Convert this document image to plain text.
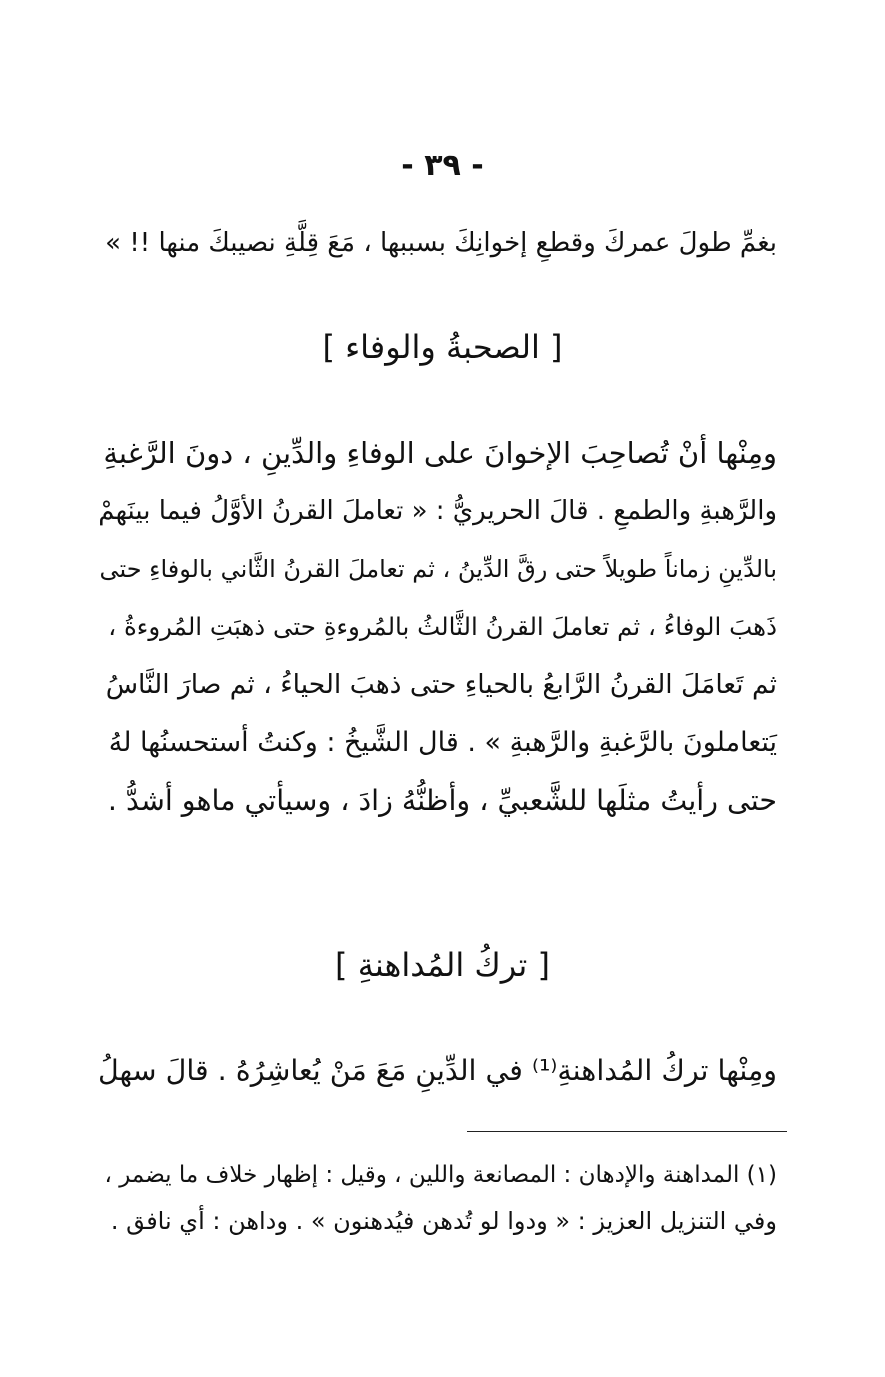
- ٣٩ -
بغمِّ طولَ عمركَ وقطعِ إخوانِكَ بسببها ، مَعَ قِلَّةِ نصيبكَ منها !! »
[ الصحبةُ والوفاء ]
ومِنْها أنْ تُصاحِبَ الإخوانَ على الوفاءِ والدِّينِ ، دونَ الرَّغبةِ
والرَّهبةِ والطمعِ . قالَ الحريريُّ : « تعاملَ القرنُ الأوَّلُ فيما بينَهمْ
بالدِّينِ زماناً طويلاً حتى رقَّ الدِّينُ ، ثم تعاملَ القرنُ الثَّاني بالوفاءِ حتى
ذَهبَ الوفاءُ ، ثم تعاملَ القرنُ الثَّالثُ بالمُروءةِ حتى ذهبَتِ المُروءةُ ،
ثم تَعامَلَ القرنُ الرَّابعُ بالحياءِ حتى ذهبَ الحياءُ ، ثم صارَ النَّاسُ
يَتعاملونَ بالرَّغبةِ والرَّهبةِ » . قال الشَّيخُ : وكنتُ أستحسنُها لهُ
حتى رأيتُ مثلَها للشَّعبيِّ ، وأظنُّهُ زادَ ، وسيأتي ماهو أشدُّ .
[ تركُ المُداهنةِ ]
ومِنْها تركُ المُداهنةِ⁽¹⁾ في الدِّينِ مَعَ مَنْ يُعاشِرُهُ . قالَ سهلُ
(١) المداهنة والإدهان : المصانعة واللين ، وقيل : إظهار خلاف ما يضمر ،
وفي التنزيل العزيز : « ودوا لو تُدهن فيُدهنون » . وداهن : أي نافق .
